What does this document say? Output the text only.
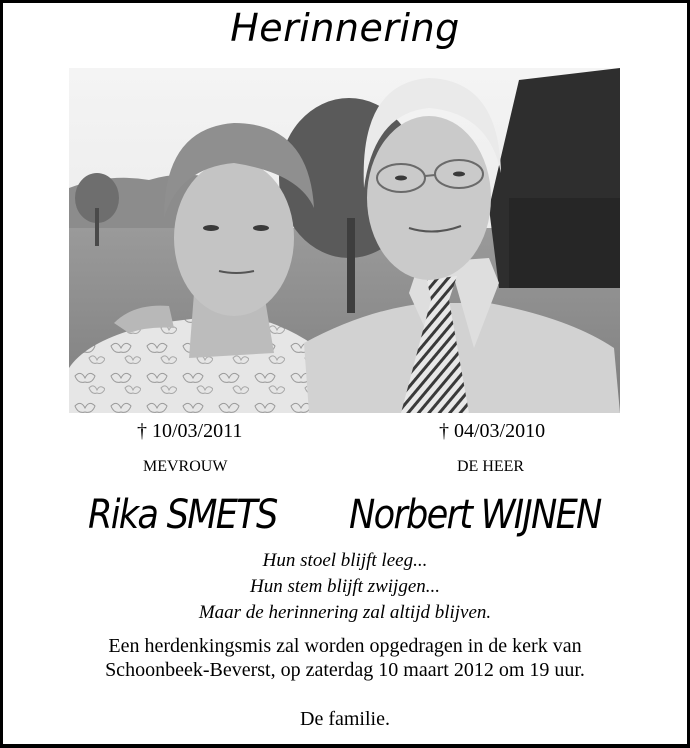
Herinnering
† 10/03/2011	† 04/03/2010
MEVROUW	DE HEER
Rika SMETS Norbert WIJNEN
Hun stoel blijft leeg...
Hun stem blijft zwijgen...
Maar de herinnering zal altijd blijven.
Een herdenkingsmis zal worden opgedragen in de kerk van
Schoonbeek-Beverst, op zaterdag 10 maart 2012 om 19 uur.
De familie.
